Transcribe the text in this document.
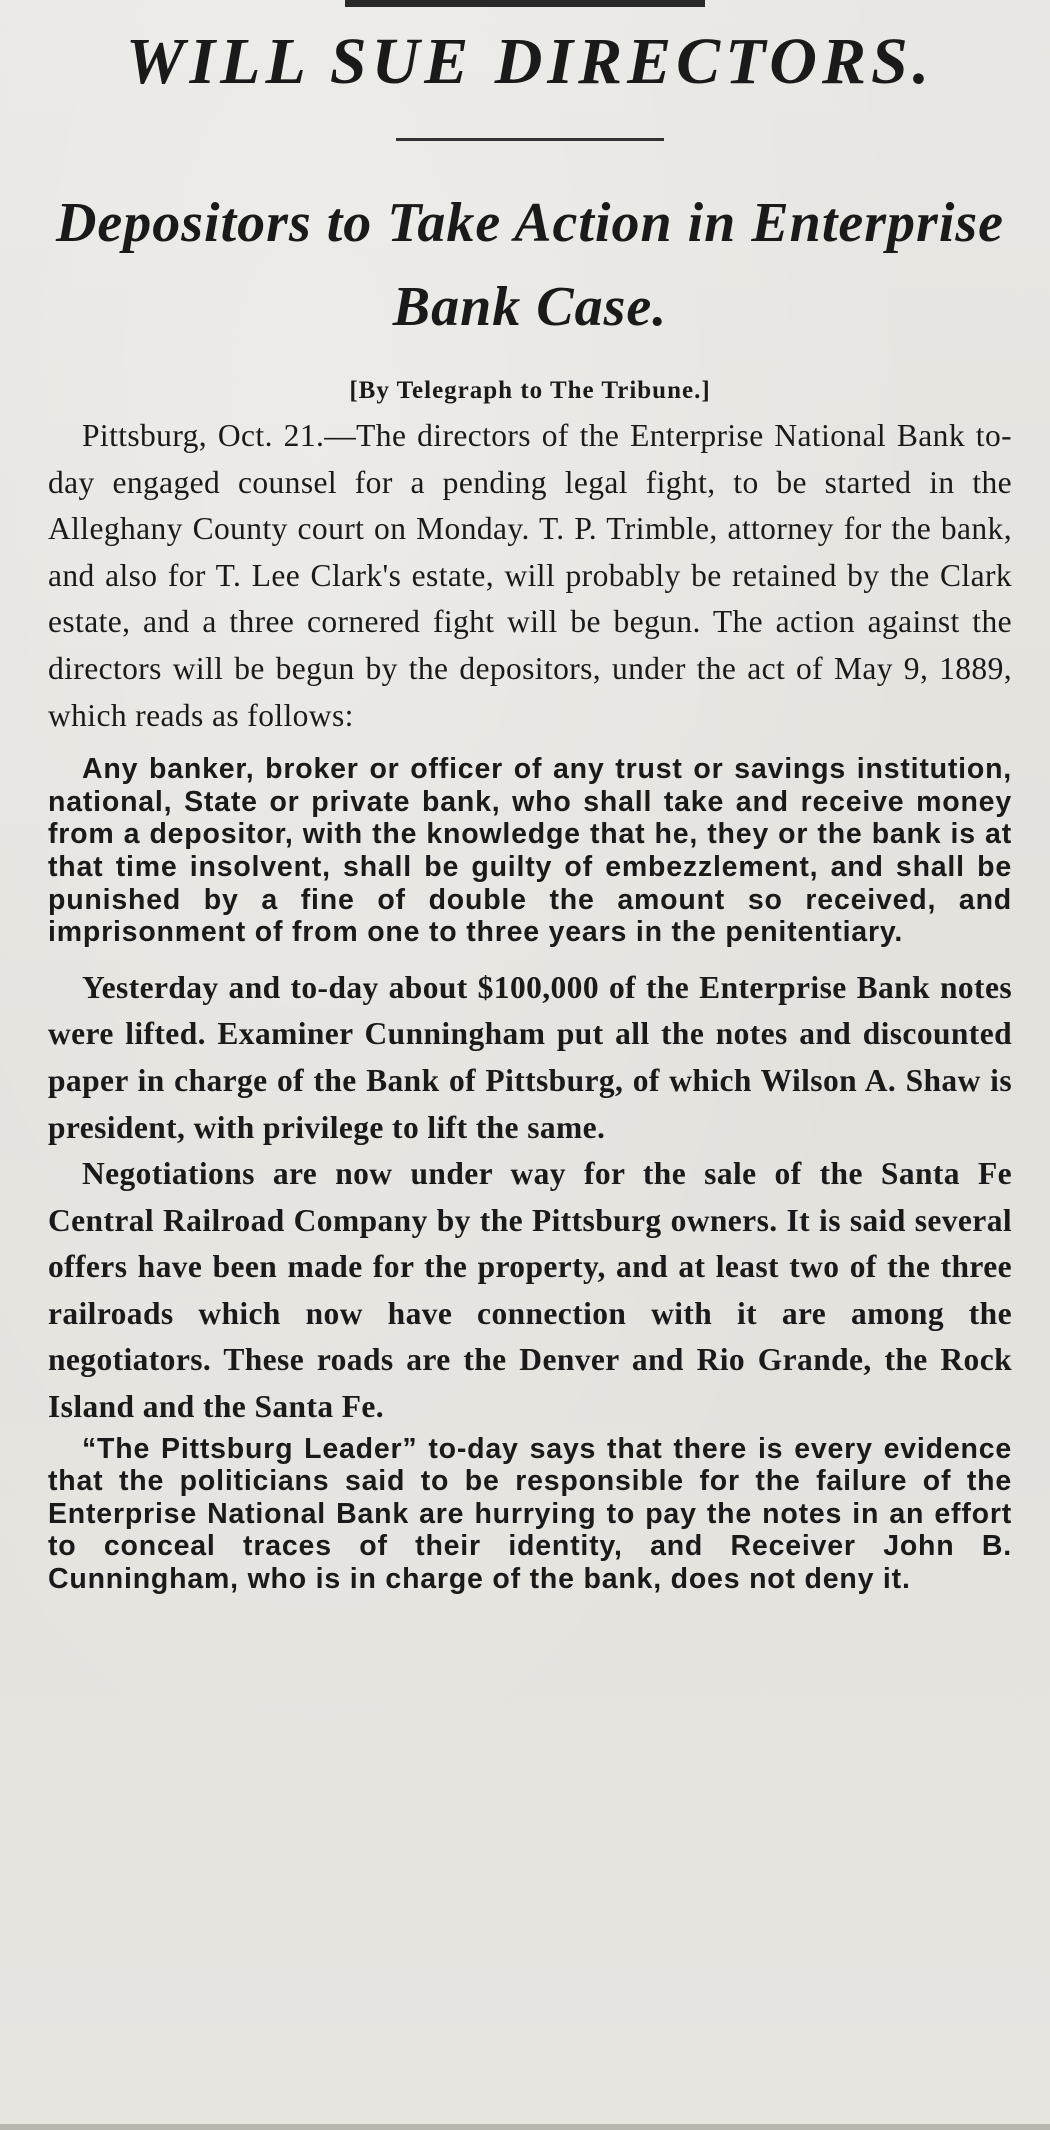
WILL SUE DIRECTORS.
Depositors to Take Action in Enterprise Bank Case.
[By Telegraph to The Tribune.]

Pittsburg, Oct. 21.—The directors of the Enterprise National Bank to-day engaged counsel for a pending legal fight, to be started in the Alleghany County court on Monday. T. P. Trimble, attorney for the bank, and also for T. Lee Clark's estate, will probably be retained by the Clark estate, and a three cornered fight will be begun. The action against the directors will be begun by the depositors, under the act of May 9, 1889, which reads as follows:

Any banker, broker or officer of any trust or savings institution, national, State or private bank, who shall take and receive money from a depositor, with the knowledge that he, they or the bank is at that time insolvent, shall be guilty of embezzlement, and shall be punished by a fine of double the amount so received, and imprisonment of from one to three years in the penitentiary.

Yesterday and to-day about $100,000 of the Enterprise Bank notes were lifted. Examiner Cunningham put all the notes and discounted paper in charge of the Bank of Pittsburg, of which Wilson A. Shaw is president, with privilege to lift the same.

Negotiations are now under way for the sale of the Santa Fe Central Railroad Company by the Pittsburg owners. It is said several offers have been made for the property, and at least two of the three railroads which now have connection with it are among the negotiators. These roads are the Denver and Rio Grande, the Rock Island and the Santa Fe.

“The Pittsburg Leader” to-day says that there is every evidence that the politicians said to be responsible for the failure of the Enterprise National Bank are hurrying to pay the notes in an effort to conceal traces of their identity, and Receiver John B. Cunningham, who is in charge of the bank, does not deny it.
